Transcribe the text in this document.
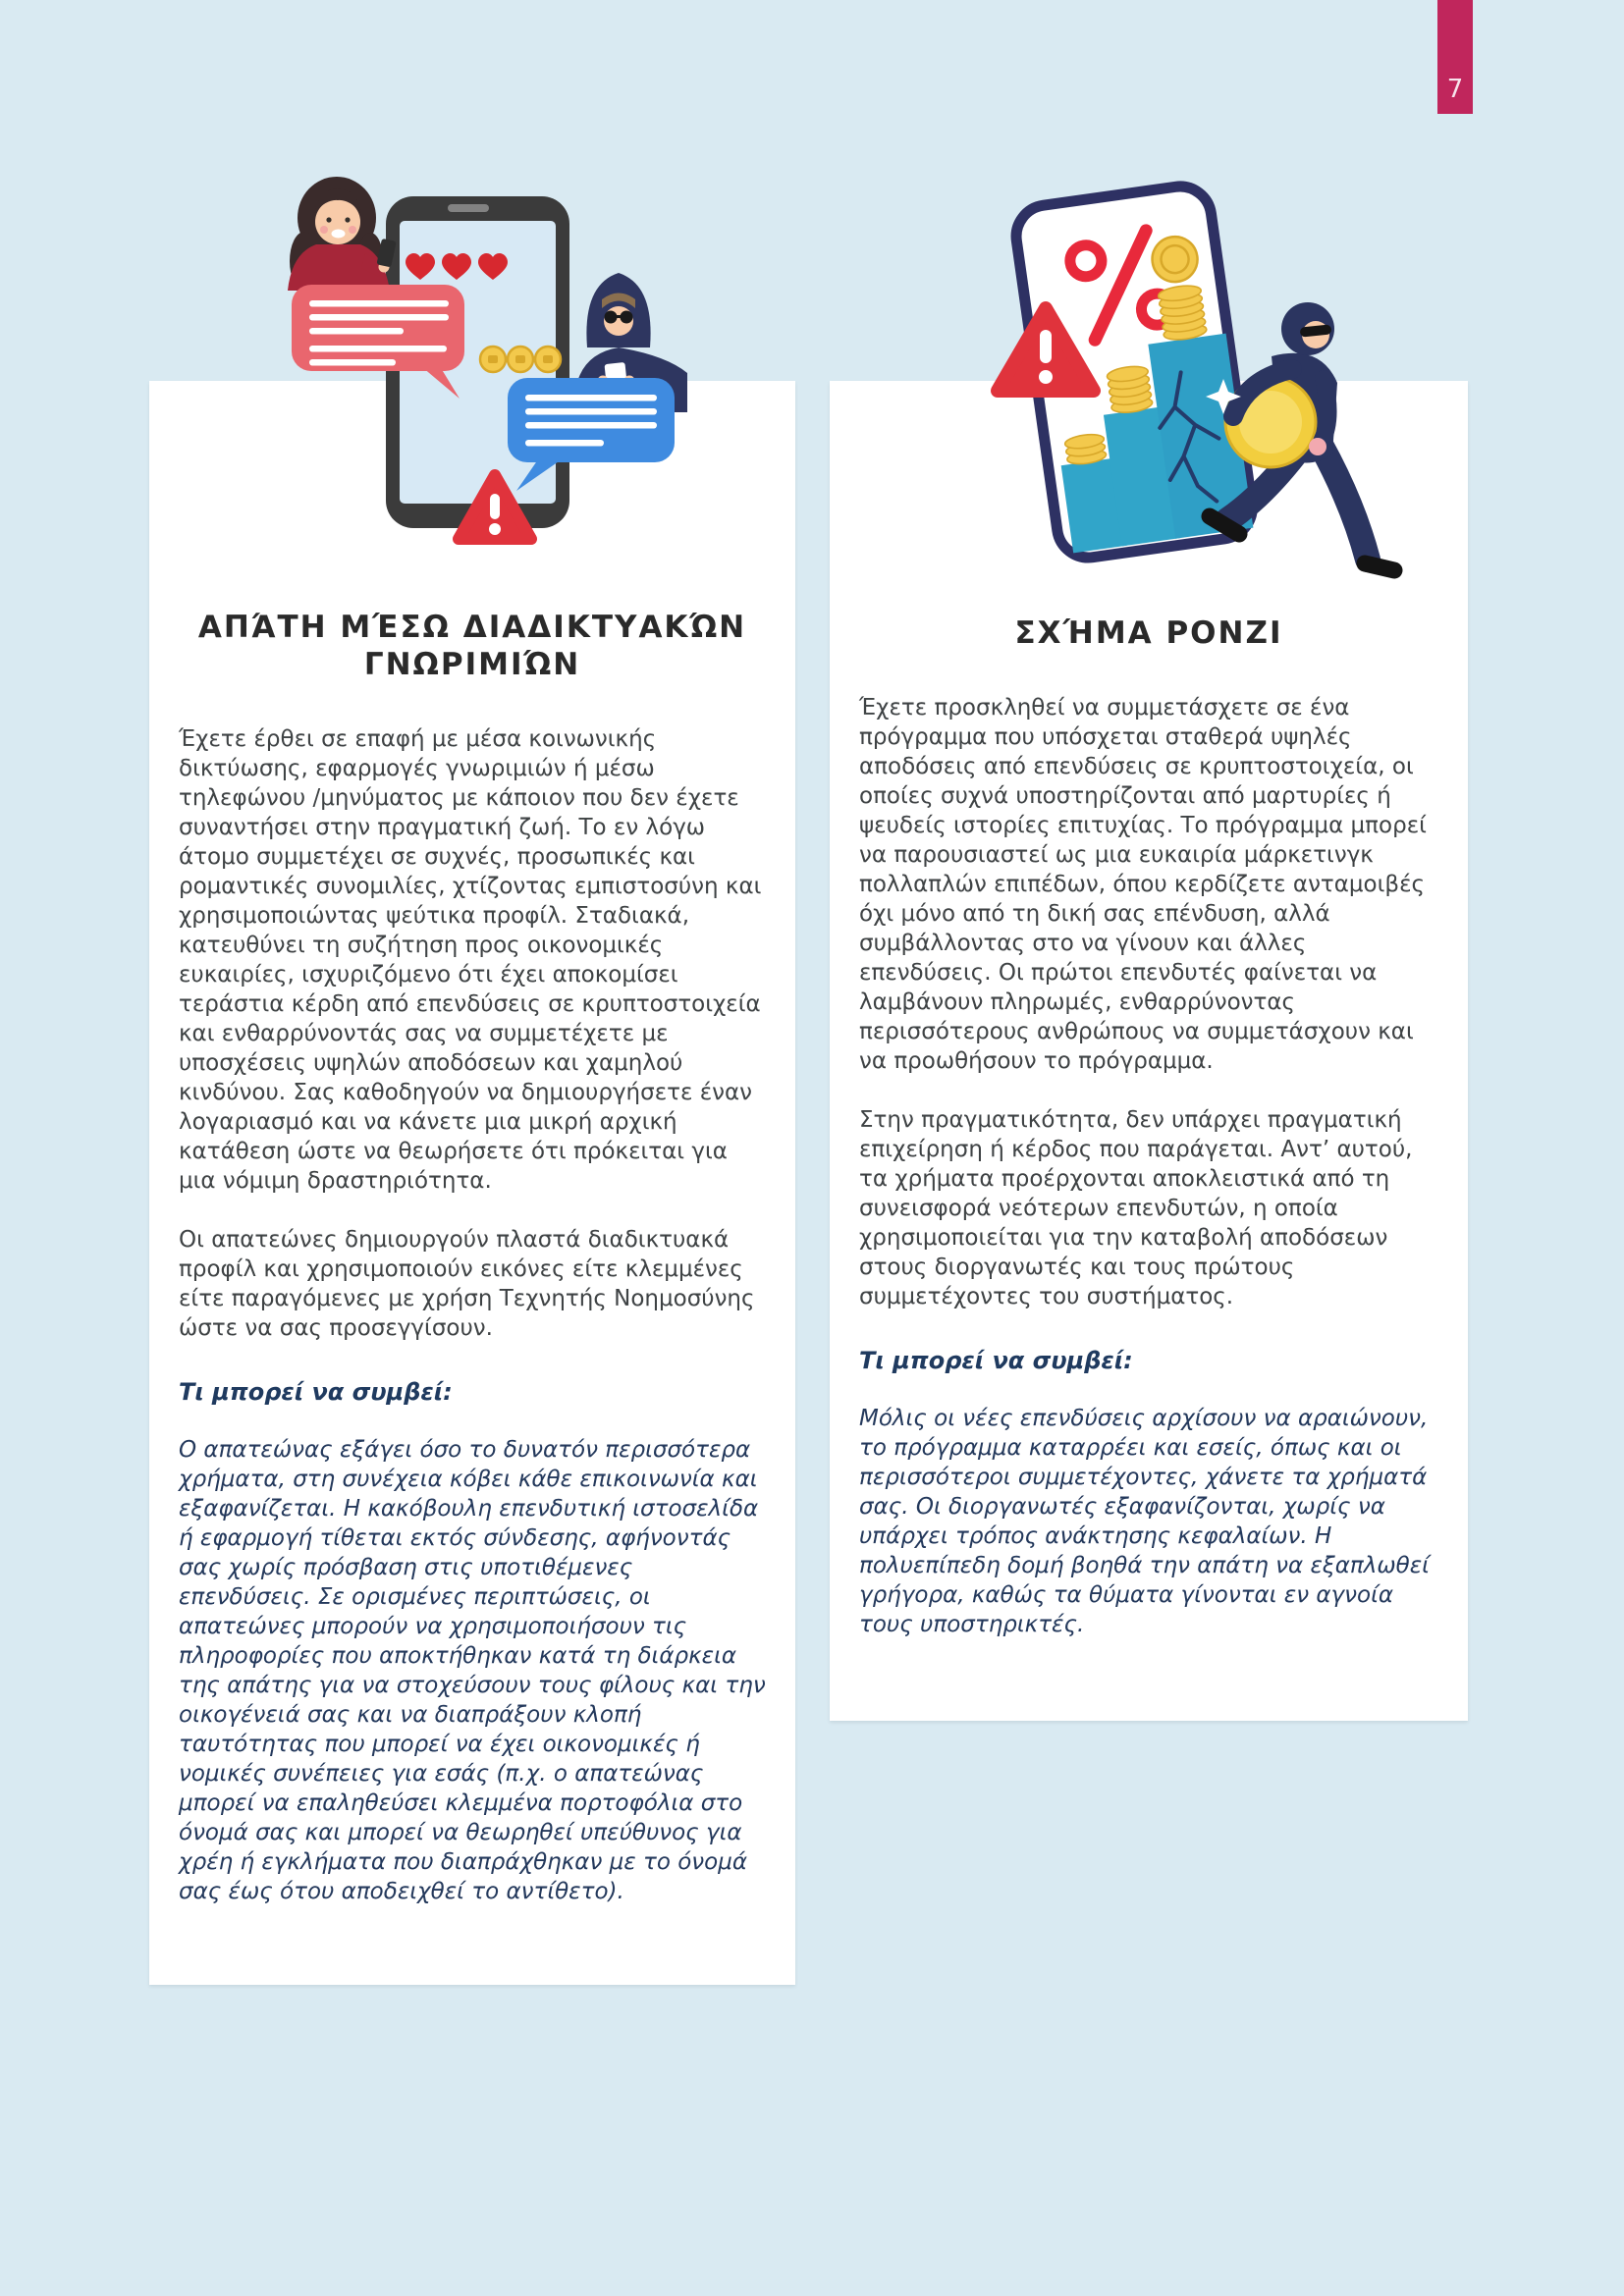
7
ΑΠΆΤΗ ΜΈΣΩ ΔΙΑΔΙΚΤΥΑΚΏΝ ΓΝΩΡΙΜΙΏΝ

Έχετε έρθει σε επαφή με μέσα κοινωνικής δικτύωσης, εφαρμογές γνωριμιών ή μέσω τηλεφώνου /μηνύματος με κάποιον που δεν έχετε συναντήσει στην πραγματική ζωή. Το εν λόγω άτομο συμμετέχει σε συχνές, προσωπικές και ρομαντικές συνομιλίες, χτίζοντας εμπιστοσύνη και χρησιμοποιώντας ψεύτικα προφίλ. Σταδιακά, κατευθύνει τη συζήτηση προς οικονομικές ευκαιρίες, ισχυριζόμενο ότι έχει αποκομίσει τεράστια κέρδη από επενδύσεις σε κρυπτοστοιχεία και ενθαρρύνοντάς σας να συμμετέχετε με υποσχέσεις υψηλών αποδόσεων και χαμηλού κινδύνου. Σας καθοδηγούν να δημιουργήσετε έναν λογαριασμό και να κάνετε μια μικρή αρχική κατάθεση ώστε να θεωρήσετε ότι πρόκειται για μια νόμιμη δραστηριότητα.

Οι απατεώνες δημιουργούν πλαστά διαδικτυακά προφίλ και χρησιμοποιούν εικόνες είτε κλεμμένες είτε παραγόμενες με χρήση Τεχνητής Νοημοσύνης ώστε να σας προσεγγίσουν.

Τι μπορεί να συμβεί:

Ο απατεώνας εξάγει όσο το δυνατόν περισσότερα χρήματα, στη συνέχεια κόβει κάθε επικοινωνία και εξαφανίζεται. Η κακόβουλη επενδυτική ιστοσελίδα ή εφαρμογή τίθεται εκτός σύνδεσης, αφήνοντάς σας χωρίς πρόσβαση στις υποτιθέμενες επενδύσεις. Σε ορισμένες περιπτώσεις, οι απατεώνες μπορούν να χρησιμοποιήσουν τις πληροφορίες που αποκτήθηκαν κατά τη διάρκεια της απάτης για να στοχεύσουν τους φίλους και την οικογένειά σας και να διαπράξουν κλοπή ταυτότητας που μπορεί να έχει οικονομικές ή νομικές συνέπειες για εσάς (π.χ. ο απατεώνας μπορεί να επαληθεύσει κλεμμένα πορτοφόλια στο όνομά σας και μπορεί να θεωρηθεί υπεύθυνος για χρέη ή εγκλήματα που διαπράχθηκαν με το όνομά σας έως ότου αποδειχθεί το αντίθετο).

ΣΧΉΜΑ PONZI

Έχετε προσκληθεί να συμμετάσχετε σε ένα πρόγραμμα που υπόσχεται σταθερά υψηλές αποδόσεις από επενδύσεις σε κρυπτοστοιχεία, οι οποίες συχνά υποστηρίζονται από μαρτυρίες ή ψευδείς ιστορίες επιτυχίας. Το πρόγραμμα μπορεί να παρουσιαστεί ως μια ευκαιρία μάρκετινγκ πολλαπλών επιπέδων, όπου κερδίζετε ανταμοιβές όχι μόνο από τη δική σας επένδυση, αλλά συμβάλλοντας στο να γίνουν και άλλες επενδύσεις. Οι πρώτοι επενδυτές φαίνεται να λαμβάνουν πληρωμές, ενθαρρύνοντας περισσότερους ανθρώπους να συμμετάσχουν και να προωθήσουν το πρόγραμμα.

Στην πραγματικότητα, δεν υπάρχει πραγματική επιχείρηση ή κέρδος που παράγεται. Αντ’ αυτού, τα χρήματα προέρχονται αποκλειστικά από τη συνεισφορά νεότερων επενδυτών, η οποία χρησιμοποιείται για την καταβολή αποδόσεων στους διοργανωτές και τους πρώτους συμμετέχοντες του συστήματος.

Τι μπορεί να συμβεί:

Μόλις οι νέες επενδύσεις αρχίσουν να αραιώνουν, το πρόγραμμα καταρρέει και εσείς, όπως και οι περισσότεροι συμμετέχοντες, χάνετε τα χρήματά σας. Οι διοργανωτές εξαφανίζονται, χωρίς να υπάρχει τρόπος ανάκτησης κεφαλαίων. Η πολυεπίπεδη δομή βοηθά την απάτη να εξαπλωθεί γρήγορα, καθώς τα θύματα γίνονται εν αγνοία τους υποστηρικτές.
